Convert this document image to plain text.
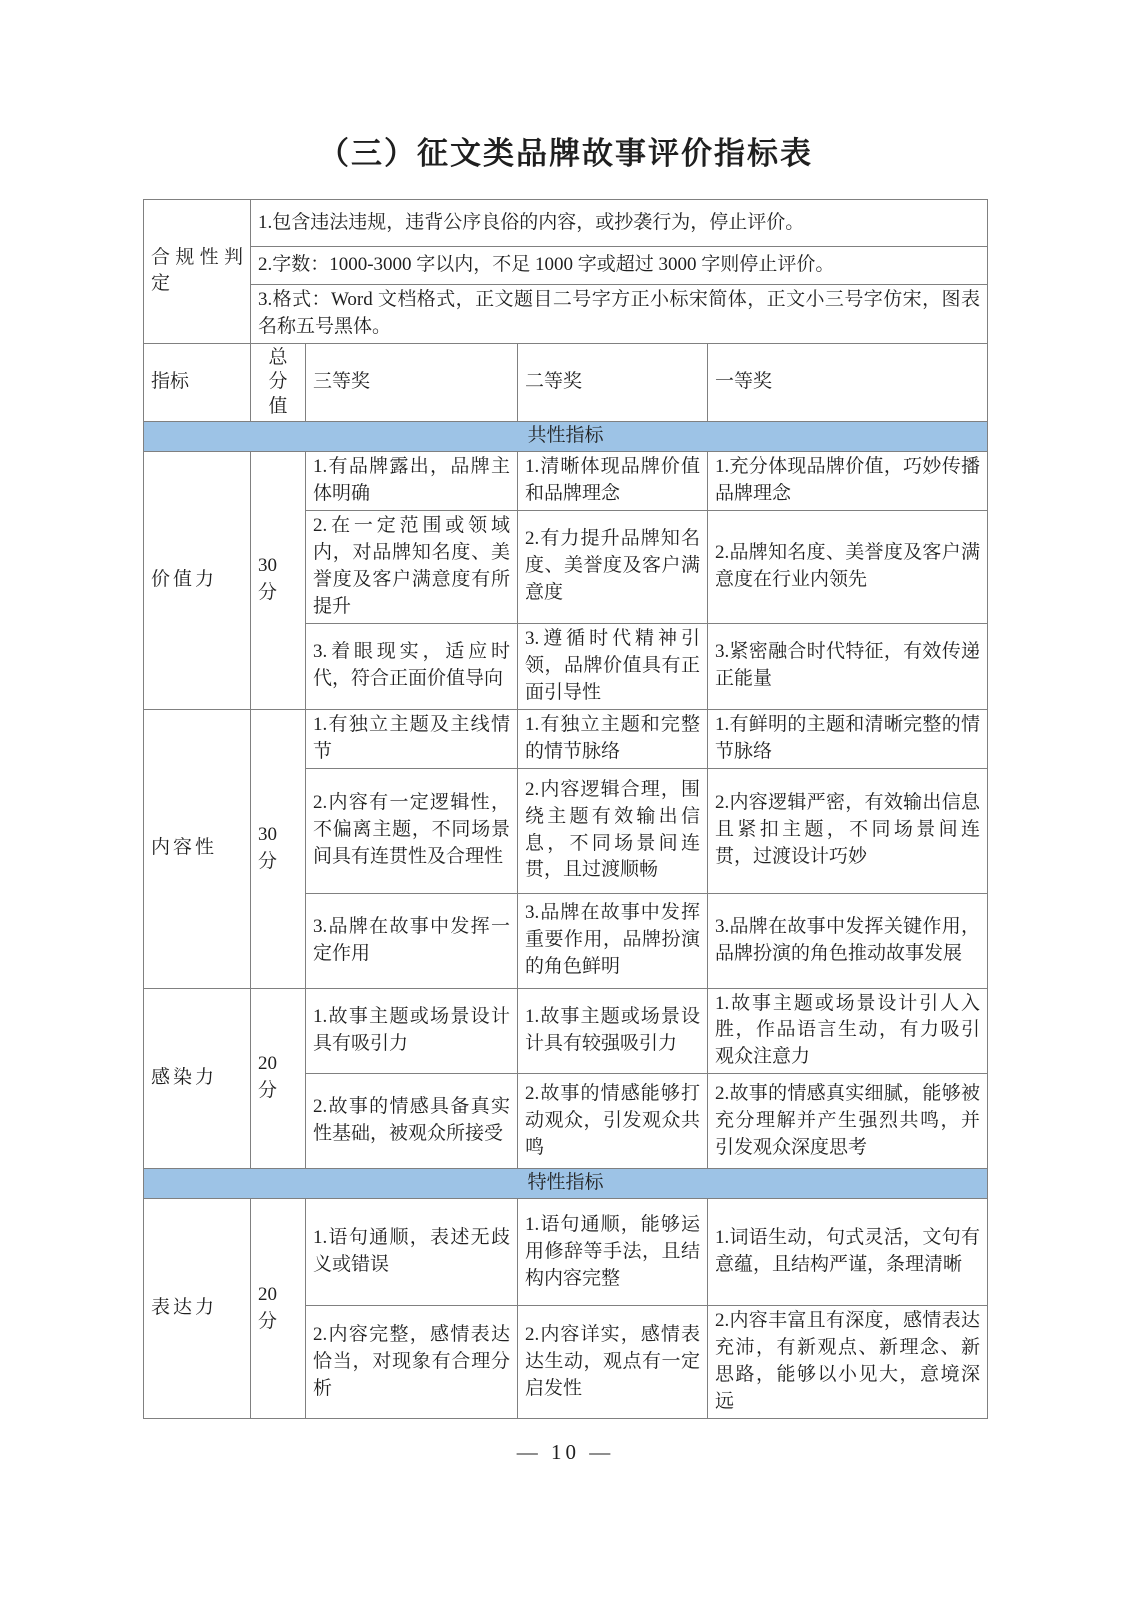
（三）征文类品牌故事评价指标表
合规性判定	1.包含违法违规，违背公序良俗的内容，或抄袭行为，停止评价。			
	2.字数：1000-3000 字以内，不足 1000 字或超过 3000 字则停止评价。			
	3.格式：Word 文档格式，正文题目二号字方正小标宋简体，正文小三号字仿宋，图表名称五号黑体。			
指标	总分值	三等奖	二等奖	一等奖
共性指标				
价值力	30 分	1.有品牌露出，品牌主体明确	1.清晰体现品牌价值和品牌理念	1.充分体现品牌价值，巧妙传播品牌理念
		2.在一定范围或领域内，对品牌知名度、美誉度及客户满意度有所提升	2.有力提升品牌知名度、美誉度及客户满意度	2.品牌知名度、美誉度及客户满意度在行业内领先
		3.着眼现实，适应时代，符合正面价值导向	3.遵循时代精神引领，品牌价值具有正面引导性	3.紧密融合时代特征，有效传递正能量
内容性	30 分	1.有独立主题及主线情节	1.有独立主题和完整的情节脉络	1.有鲜明的主题和清晰完整的情节脉络
		2.内容有一定逻辑性，不偏离主题，不同场景间具有连贯性及合理性	2.内容逻辑合理，围绕主题有效输出信息，不同场景间连贯，且过渡顺畅	2.内容逻辑严密，有效输出信息且紧扣主题，不同场景间连贯，过渡设计巧妙
		3.品牌在故事中发挥一定作用	3.品牌在故事中发挥重要作用，品牌扮演的角色鲜明	3.品牌在故事中发挥关键作用，品牌扮演的角色推动故事发展
感染力	20 分	1.故事主题或场景设计具有吸引力	1.故事主题或场景设计具有较强吸引力	1.故事主题或场景设计引人入胜，作品语言生动，有力吸引观众注意力
		2.故事的情感具备真实性基础，被观众所接受	2.故事的情感能够打动观众，引发观众共鸣	2.故事的情感真实细腻，能够被充分理解并产生强烈共鸣，并引发观众深度思考
特性指标				
表达力	20 分	1.语句通顺，表述无歧义或错误	1.语句通顺，能够运用修辞等手法，且结构内容完整	1.词语生动，句式灵活，文句有意蕴，且结构严谨，条理清晰
		2.内容完整，感情表达恰当，对现象有合理分析	2.内容详实，感情表达生动，观点有一定启发性	2.内容丰富且有深度，感情表达充沛，有新观点、新理念、新思路，能够以小见大，意境深远
— 10 —
